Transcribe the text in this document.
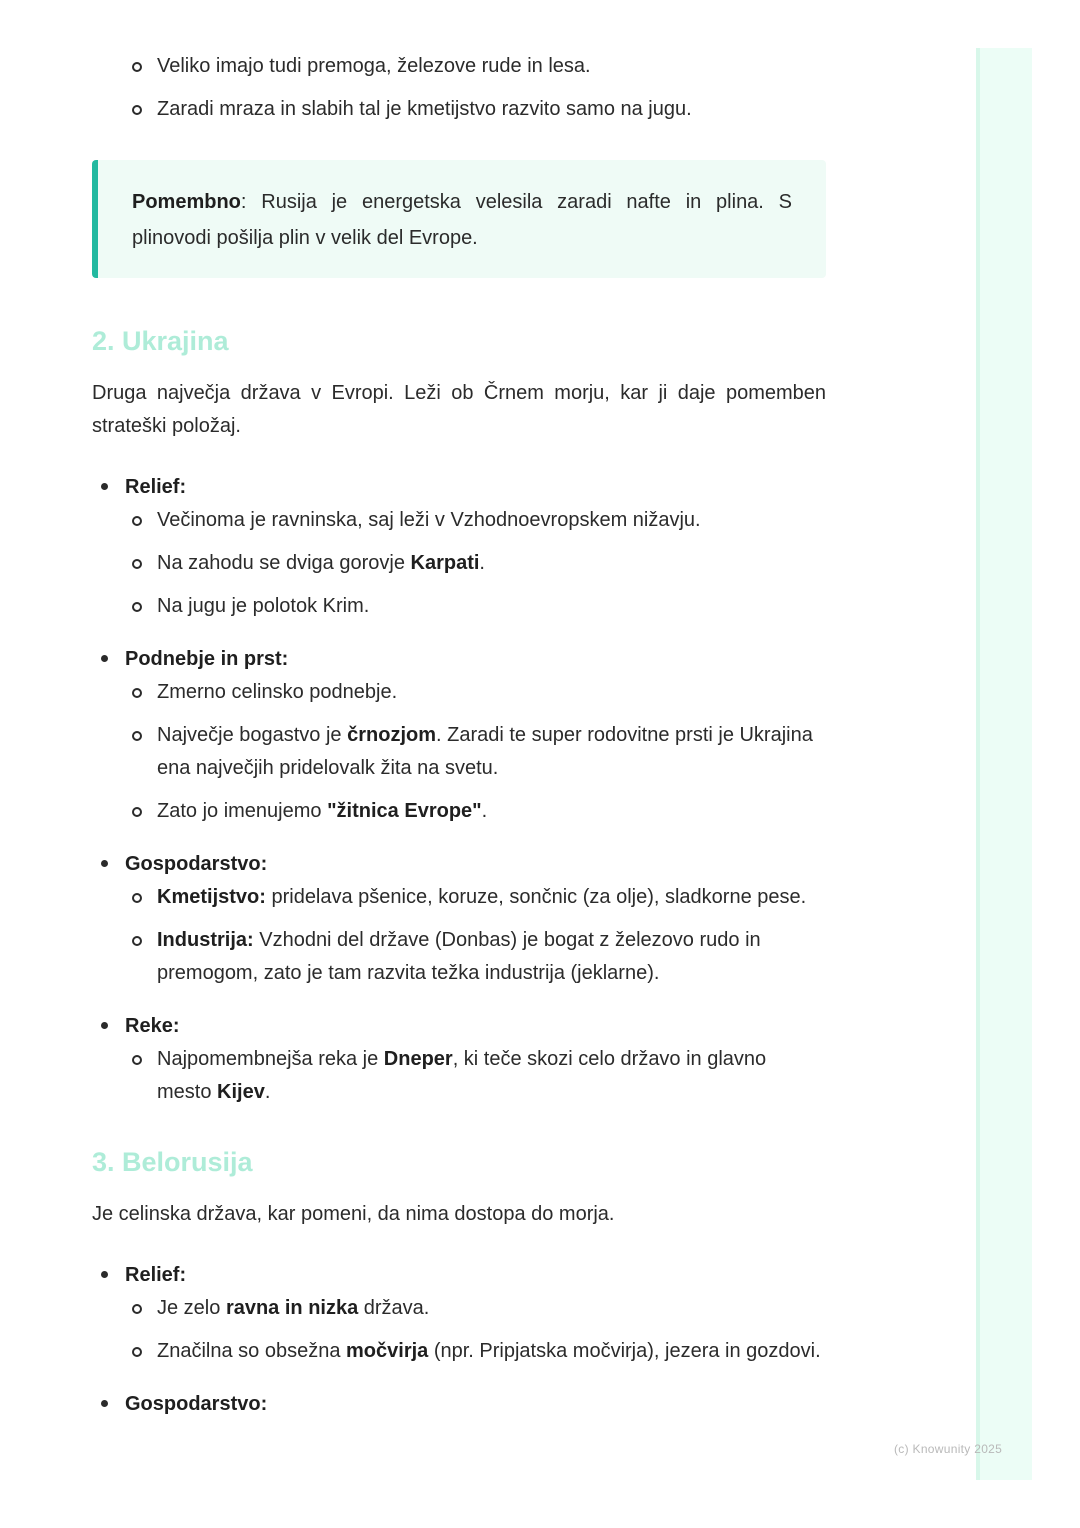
(c) Knowunity 2025
Veliko imajo tudi premoga, železove rude in lesa.
Zaradi mraza in slabih tal je kmetijstvo razvito samo na jugu.
Pomembno: Rusija je energetska velesila zaradi nafte in plina. S plinovodi pošilja plin v velik del Evrope.
2. Ukrajina

Druga največja država v Evropi. Leži ob Črnem morju, kar ji daje pomemben strateški položaj.

Relief:
Večinoma je ravninska, saj leži v Vzhodnoevropskem nižavju.
Na zahodu se dviga gorovje Karpati.
Na jugu je polotok Krim.
Podnebje in prst:
Zmerno celinsko podnebje.
Največje bogastvo je črnozjom. Zaradi te super rodovitne prsti je Ukrajina ena največjih pridelovalk žita na svetu.
Zato jo imenujemo "žitnica Evrope".
Gospodarstvo:
Kmetijstvo: pridelava pšenice, koruze, sončnic (za olje), sladkorne pese.
Industrija: Vzhodni del države (Donbas) je bogat z železovo rudo in premogom, zato je tam razvita težka industrija (jeklarne).
Reke:
Najpomembnejša reka je Dneper, ki teče skozi celo državo in glavno mesto Kijev.
3. Belorusija

Je celinska država, kar pomeni, da nima dostopa do morja.

Relief:
Je zelo ravna in nizka država.
Značilna so obsežna močvirja (npr. Pripjatska močvirja), jezera in gozdovi.
Gospodarstvo:
